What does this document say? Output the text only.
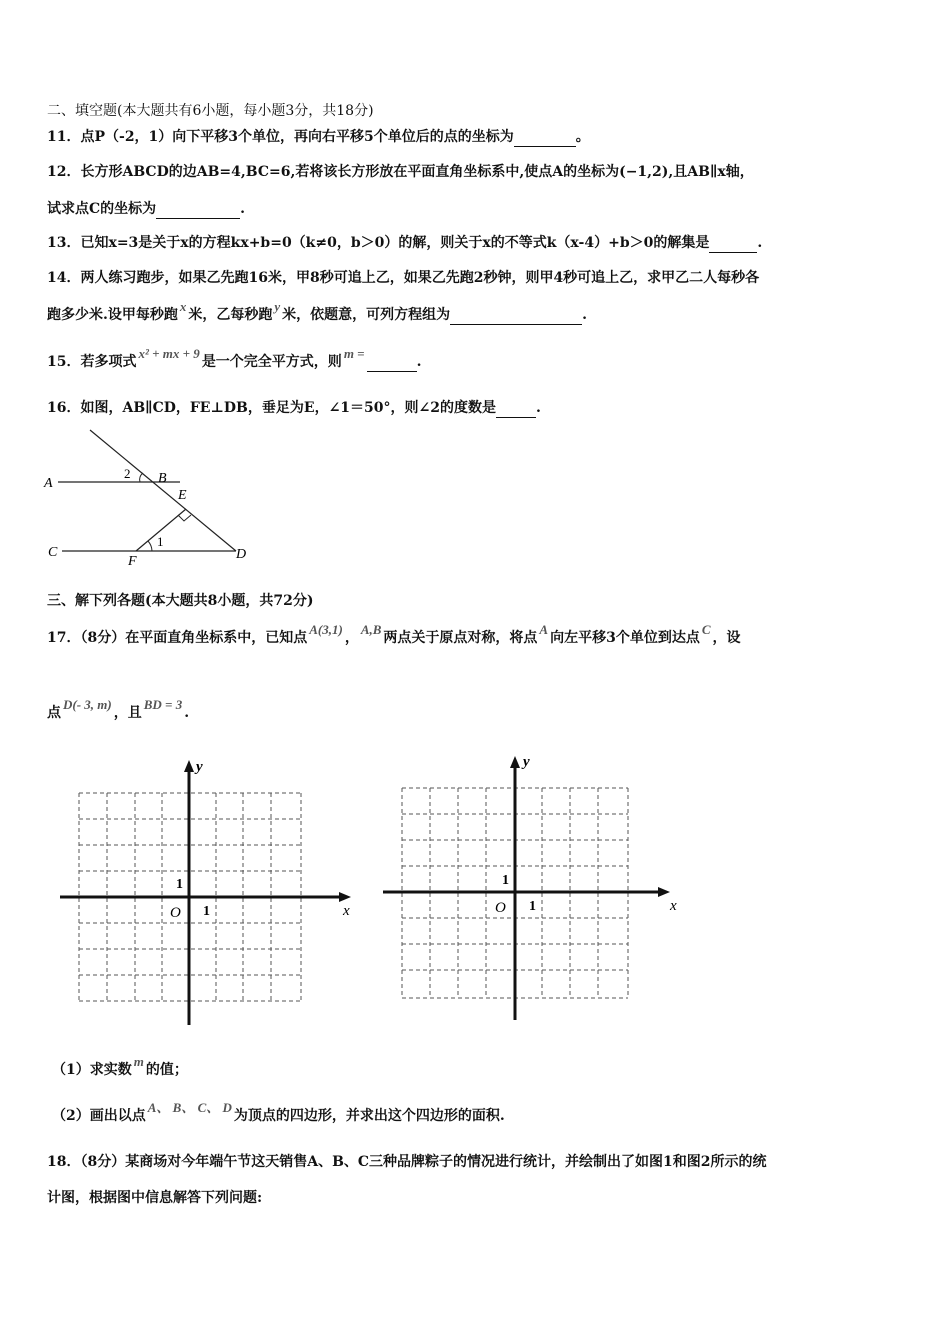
二、填空题(本大题共有6小题，每小题3分，共18分)
11．点P（-2，1）向下平移3个单位，再向右平移5个单位后的点的坐标为	。
12．长方形ABCD的边AB=4,BC=6,若将该长方形放在平面直角坐标系中,使点A的坐标为(−1,2),且AB∥x轴，
试求点C的坐标为	.
13．已知x=3是关于x的方程kx+b=0（k≠0，b＞0）的解，则关于x的不等式k（x-4）+b＞0的解集是	.
14．两人练习跑步，如果乙先跑16米，甲8秒可追上乙，如果乙先跑2秒钟，则甲4秒可追上乙，求甲乙二人每秒各
跑多少米.设甲每秒跑x米，乙每秒跑y米，依题意，可列方程组为	.
15．若多项式x² + mx + 9是一个完全平方式，则m =.
16．如图，AB∥CD，FE⊥DB，垂足为E，∠1＝50°，则∠2的度数是	.
A
C
B
E
D
F
1
2
三、解下列各题(本大题共8小题，共72分)
17．（8分）在平面直角坐标系中，已知点A(3,1)，A,B两点关于原点对称，将点A向左平移3个单位到达点C，设
点D(- 3, m)，且BD = 3.
x
y
O 1
1
x
y
O 1
1
（1）求实数m的值；
（2）画出以点A、 B、 C、 D为顶点的四边形，并求出这个四边形的面积.
18．（8分）某商场对今年端午节这天销售A、B、C三种品牌粽子的情况进行统计，并绘制出了如图1和图2所示的统
计图，根据图中信息解答下列问题:
